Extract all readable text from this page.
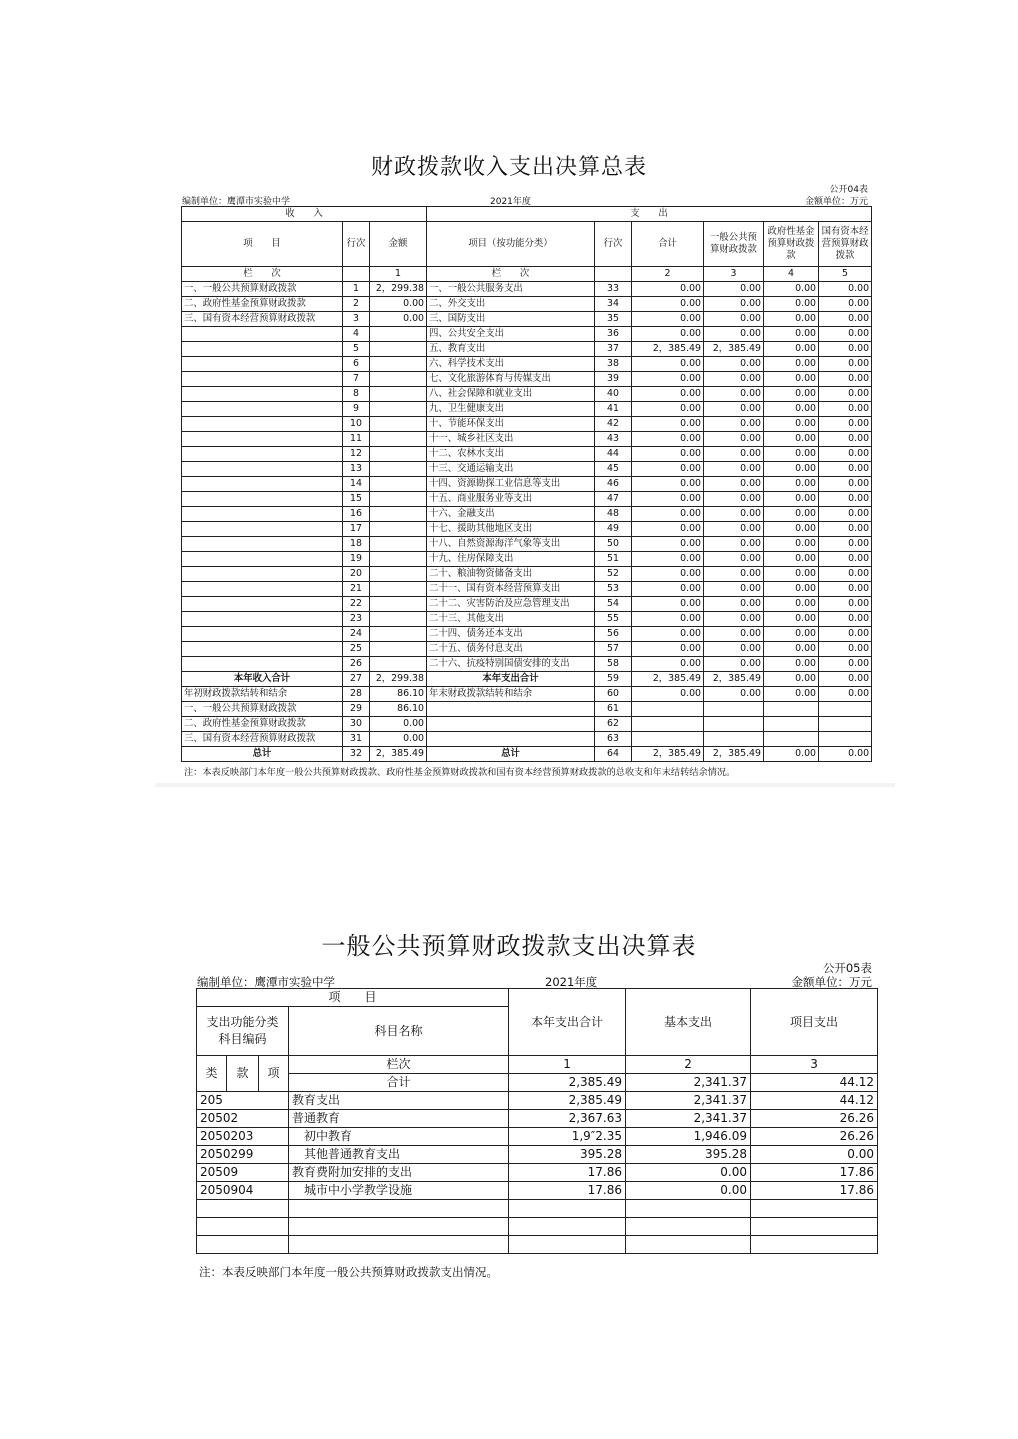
财政拨款收入支出决算总表
公开04表
编制单位：鹰潭市实验中学	2021年度	金额单位：万元
收　　入			支　　出					
项　　目	行次	金额	项目（按功能分类）	行次	合计	一般公共预算财政拨款	政府性基金预算财政拨款	国有资本经营预算财政拨款
栏　　次		1	栏　　次		2	3	4	5
一、一般公共预算财政拨款	1	2，299.38	一、一般公共服务支出	33	0.00	0.00	0.00	0.00
二、政府性基金预算财政拨款	2	0.00	二、外交支出	34	0.00	0.00	0.00	0.00
三、国有资本经营预算财政拨款	3	0.00	三、国防支出	35	0.00	0.00	0.00	0.00
	4		四、公共安全支出	36	0.00	0.00	0.00	0.00
	5		五、教育支出	37	2，385.49	2，385.49	0.00	0.00
	6		六、科学技术支出	38	0.00	0.00	0.00	0.00
	7		七、文化旅游体育与传媒支出	39	0.00	0.00	0.00	0.00
	8		八、社会保障和就业支出	40	0.00	0.00	0.00	0.00
	9		九、卫生健康支出	41	0.00	0.00	0.00	0.00
	10		十、节能环保支出	42	0.00	0.00	0.00	0.00
	11		十一、城乡社区支出	43	0.00	0.00	0.00	0.00
	12		十二、农林水支出	44	0.00	0.00	0.00	0.00
	13		十三、交通运输支出	45	0.00	0.00	0.00	0.00
	14		十四、资源勘探工业信息等支出	46	0.00	0.00	0.00	0.00
	15		十五、商业服务业等支出	47	0.00	0.00	0.00	0.00
	16		十六、金融支出	48	0.00	0.00	0.00	0.00
	17		十七、援助其他地区支出	49	0.00	0.00	0.00	0.00
	18		十八、自然资源海洋气象等支出	50	0.00	0.00	0.00	0.00
	19		十九、住房保障支出	51	0.00	0.00	0.00	0.00
	20		二十、粮油物资储备支出	52	0.00	0.00	0.00	0.00
	21		二十一、国有资本经营预算支出	53	0.00	0.00	0.00	0.00
	22		二十二、灾害防治及应急管理支出	54	0.00	0.00	0.00	0.00
	23		二十三、其他支出	55	0.00	0.00	0.00	0.00
	24		二十四、债务还本支出	56	0.00	0.00	0.00	0.00
	25		二十五、债务付息支出	57	0.00	0.00	0.00	0.00
	26		二十六、抗疫特别国债安排的支出	58	0.00	0.00	0.00	0.00
本年收入合计	27	2，299.38	本年支出合计	59	2，385.49	2，385.49	0.00	0.00
年初财政拨款结转和结余	28	86.10	年末财政拨款结转和结余	60	0.00	0.00	0.00	0.00
一、一般公共预算财政拨款	29	86.10		61				
二、政府性基金预算财政拨款	30	0.00		62				
三、国有资本经营预算财政拨款	31	0.00		63				
总计	32	2，385.49	总计	64	2，385.49	2，385.49	0.00	0.00
注：本表反映部门本年度一般公共预算财政拨款、政府性基金预算财政拨款和国有资本经营预算财政拨款的总收支和年末结转结余情况。
一般公共预算财政拨款支出决算表
公开05表
编制单位：鹰潭市实验中学	2021年度	金额单位：万元
项　　目				本年支出合计	基本支出	项目支出
支出功能分类科目编码			科目名称			

类	款	项	栏次	1	2	3
			合计	2,385.49	2,341.37	44.12
205			教育支出	2,385.49	2,341.37	44.12
20502			普通教育	2,367.63	2,341.37	26.26
2050203			　初中教育	1,9″2.35	1,946.09	26.26
2050299			　其他普通教育支出	395.28	395.28	0.00
20509			教育费附加安排的支出	17.86	0.00	17.86
2050904			　城市中小学教学设施	17.86	0.00	17.86

注：本表反映部门本年度一般公共预算财政拨款支出情况。
